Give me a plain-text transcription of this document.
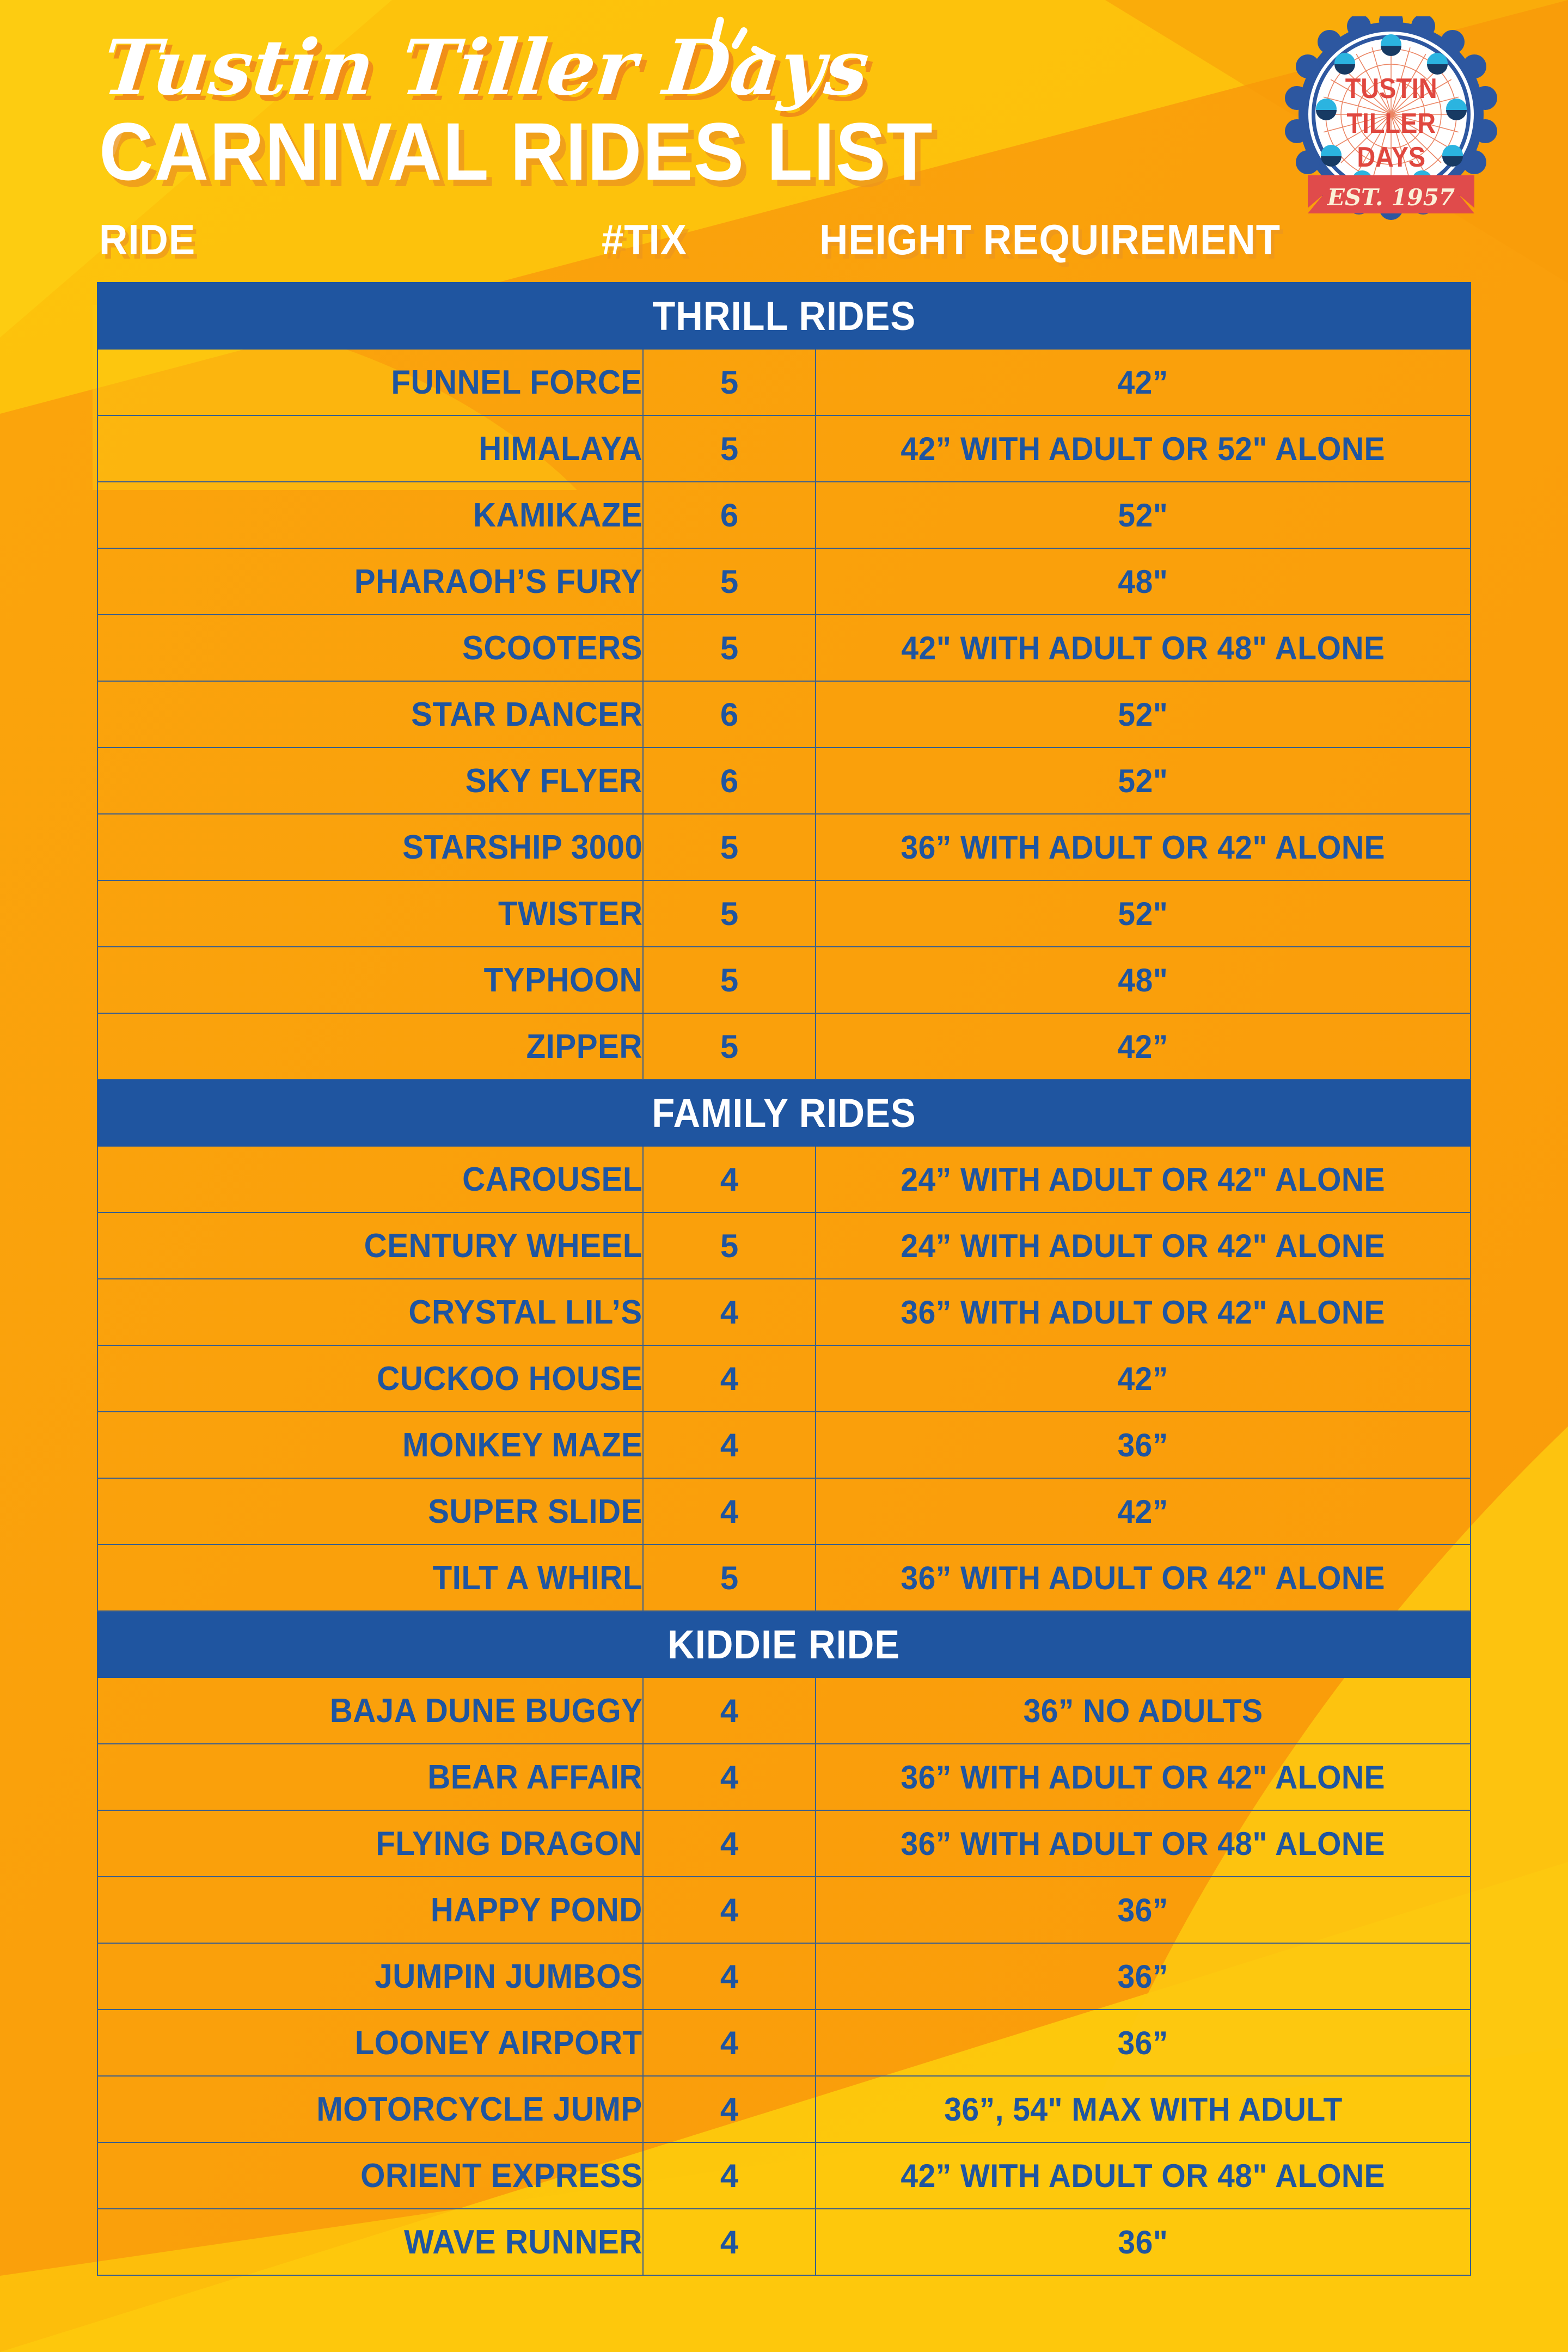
Tustin Tiller Days
CARNIVAL RIDES LIST
TUSTIN
TILLER
DAYS
EST. 1957
RIDE	#TIX	HEIGHT REQUIREMENT
THRILL RIDES		
FUNNEL FORCE	5	42”
HIMALAYA	5	42” WITH ADULT OR 52" ALONE
KAMIKAZE	6	52"
PHARAOH’S FURY	5	48"
SCOOTERS	5	42" WITH ADULT OR 48" ALONE
STAR DANCER	6	52"
SKY FLYER	6	52"
STARSHIP 3000	5	36” WITH ADULT OR 42" ALONE
TWISTER	5	52"
TYPHOON	5	48"
ZIPPER	5	42”
FAMILY RIDES		
CAROUSEL	4	24” WITH ADULT OR 42" ALONE
CENTURY WHEEL	5	24” WITH ADULT OR 42" ALONE
CRYSTAL LIL’S	4	36” WITH ADULT OR 42" ALONE
CUCKOO HOUSE	4	42”
MONKEY MAZE	4	36”
SUPER SLIDE	4	42”
TILT A WHIRL	5	36” WITH ADULT OR 42" ALONE
KIDDIE RIDE		
BAJA DUNE BUGGY	4	36” NO ADULTS
BEAR AFFAIR	4	36” WITH ADULT OR 42" ALONE
FLYING DRAGON	4	36” WITH ADULT OR 48" ALONE
HAPPY POND	4	36”
JUMPIN JUMBOS	4	36”
LOONEY AIRPORT	4	36”
MOTORCYCLE JUMP	4	36”, 54" MAX WITH ADULT
ORIENT EXPRESS	4	42” WITH ADULT OR 48" ALONE
WAVE RUNNER	4	36"
